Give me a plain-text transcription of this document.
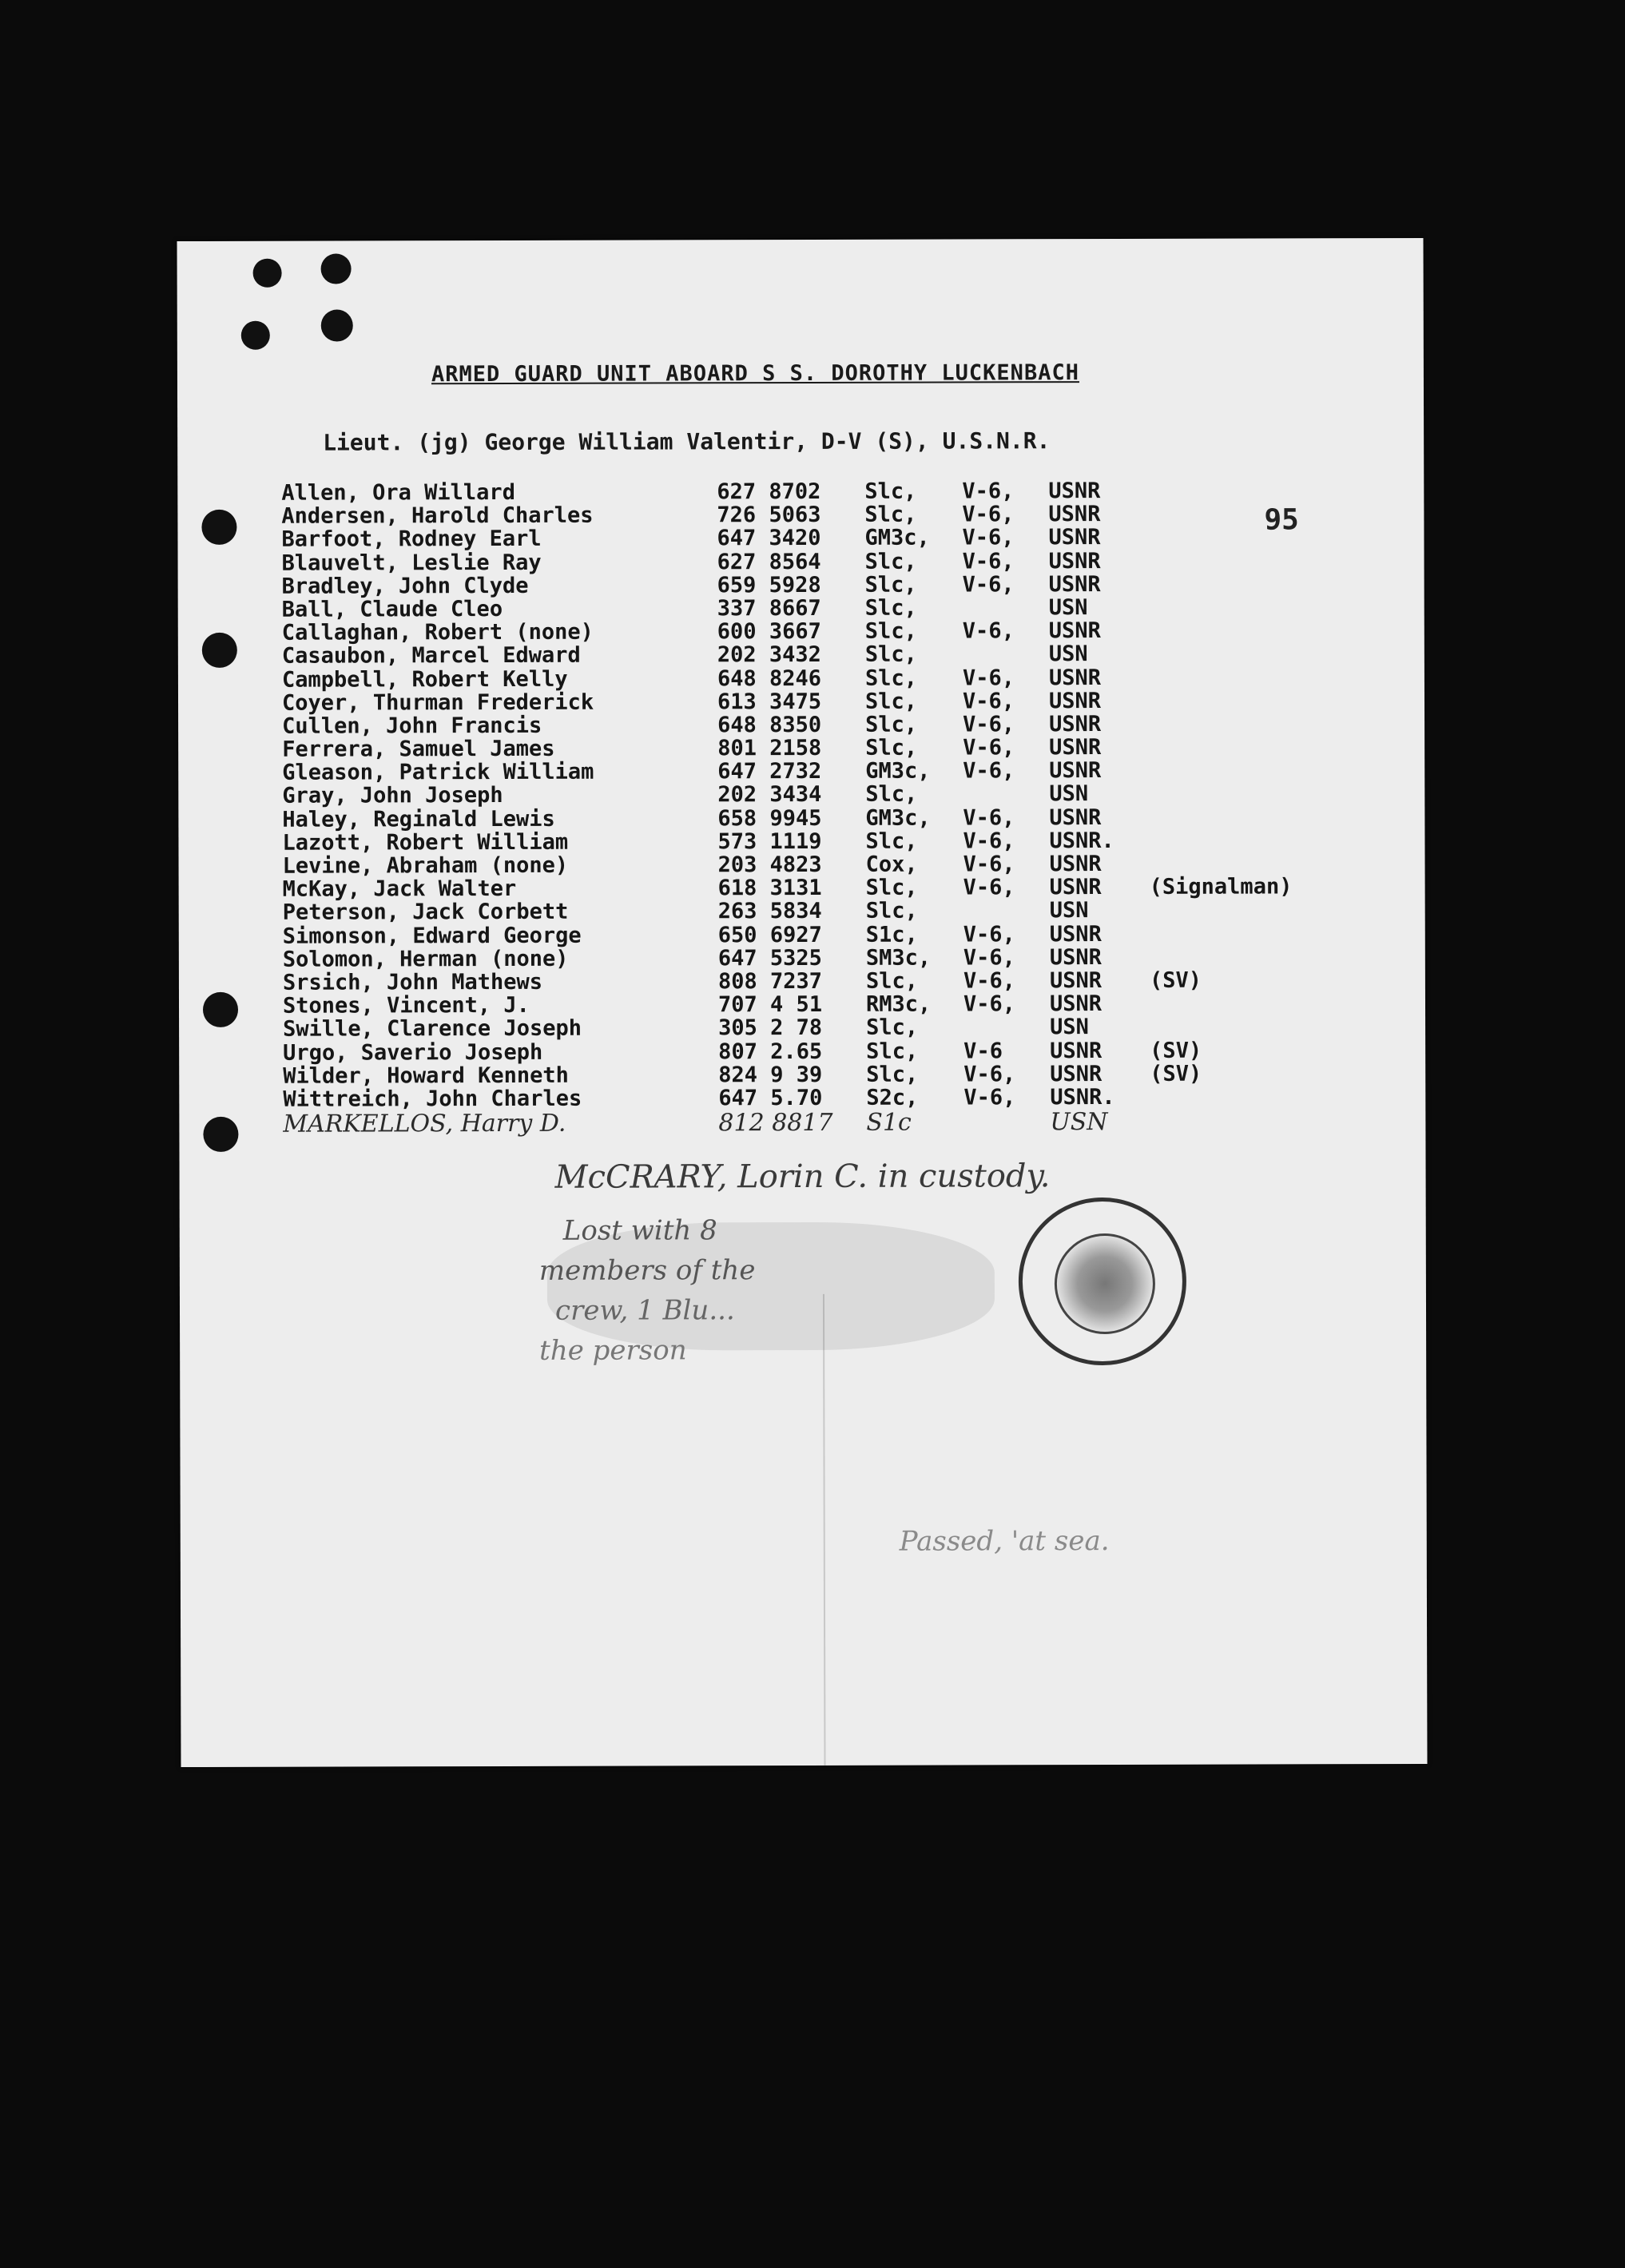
ARMED GUARD UNIT ABOARD S S. DOROTHY LUCKENBACH
Lieut. (jg) George William Valentir, D-V (S), U.S.N.R.
95
Allen, Ora Willard	627 8702 Slc, V-6, USNR
Andersen, Harold Charles	726 5063 Slc, V-6, USNR
Barfoot, Rodney Earl	647 3420 GM3c, V-6, USNR
Blauvelt, Leslie Ray	627 8564 Slc, V-6, USNR
Bradley, John Clyde	659 5928 Slc, V-6, USNR
Ball, Claude Cleo	337 8667 Slc,	USN
Callaghan, Robert (none)	600 3667 Slc, V-6, USNR
Casaubon, Marcel Edward	202 3432 Slc,	USN
Campbell, Robert Kelly	648 8246 Slc, V-6, USNR
Coyer, Thurman Frederick	613 3475 Slc, V-6, USNR
Cullen, John Francis	648 8350 Slc, V-6, USNR
Ferrera, Samuel James	801 2158 Slc, V-6, USNR
Gleason, Patrick William	647 2732 GM3c, V-6, USNR
Gray, John Joseph	202 3434 Slc,	USN
Haley, Reginald Lewis	658 9945 GM3c, V-6, USNR
Lazott, Robert William	573 1119 Slc, V-6, USNR.
Levine, Abraham (none)	203 4823 Cox, V-6, USNR
McKay, Jack Walter	618 3131 Slc, V-6, USNR (Signalman)
Peterson, Jack Corbett	263 5834 Slc,	USN
Simonson, Edward George	650 6927 S1c, V-6, USNR
Solomon, Herman (none)	647 5325 SM3c, V-6, USNR
Srsich, John Mathews	808 7237 Slc, V-6, USNR (SV)
Stones, Vincent, J.	707 4 51 RM3c, V-6, USNR
Swille, Clarence Joseph	305 2 78 Slc,	USN
Urgo, Saverio Joseph	807 2.65 Slc, V-6 USNR (SV)
Wilder, Howard Kenneth	824 9 39 Slc, V-6, USNR (SV)
Wittreich, John Charles	647 5.70 S2c, V-6, USNR.
MARKELLOS, Harry D.	812 8817 S1c	USN
McCRARY, Lorin C. in custody.
Lost with 8
members of the
crew, 1 Blu...
the person
Passed, 'at sea.
